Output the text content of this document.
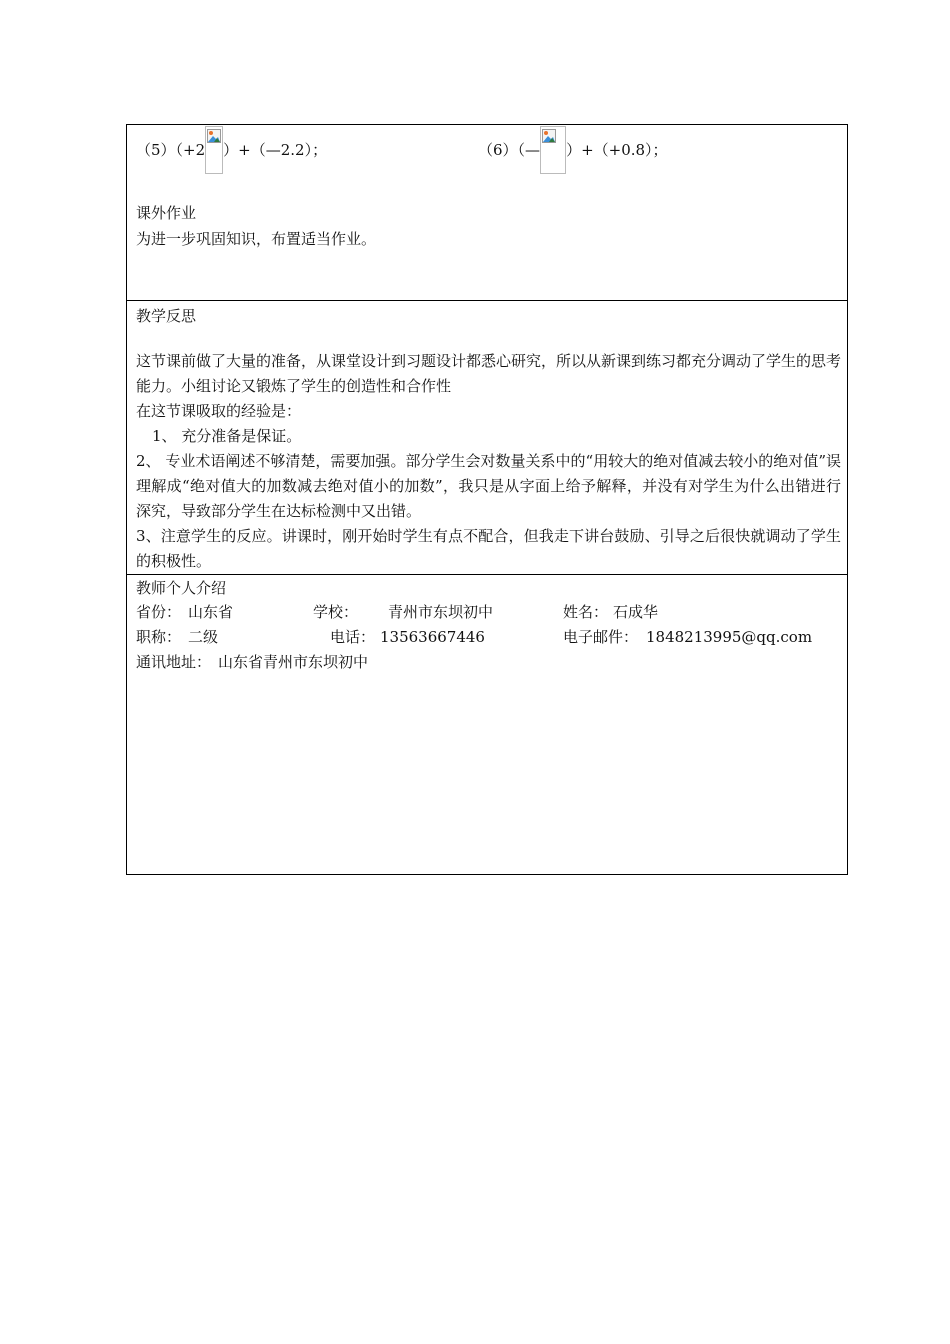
（5）（+2 ）+（—2.2）；	（6）（— ）+（+0.8）；
课外作业
为进一步巩固知识，布置适当作业。
教学反思
这节课前做了大量的准备，从课堂设计到习题设计都悉心研究，所以从新课到练习都充分调动了学生的思考能力。小组讨论又锻炼了学生的创造性和合作性
在这节课吸取的经验是：
1、 充分准备是保证。
2、 专业术语阐述不够清楚，需要加强。部分学生会对数量关系中的“用较大的绝对值减去较小的绝对值”误理解成“绝对值大的加数减去绝对值小的加数”，我只是从字面上给予解释，并没有对学生为什么出错进行深究，导致部分学生在达标检测中又出错。
3、注意学生的反应。讲课时，刚开始时学生有点不配合，但我走下讲台鼓励、引导之后很快就调动了学生的积极性。
教师个人介绍
省份： 山东省	学校： 青州市东坝初中	姓名： 石成华
职称： 二级	电话： 13563667446	电子邮件： 1848213995@qq.com
通讯地址： 山东省青州市东坝初中
